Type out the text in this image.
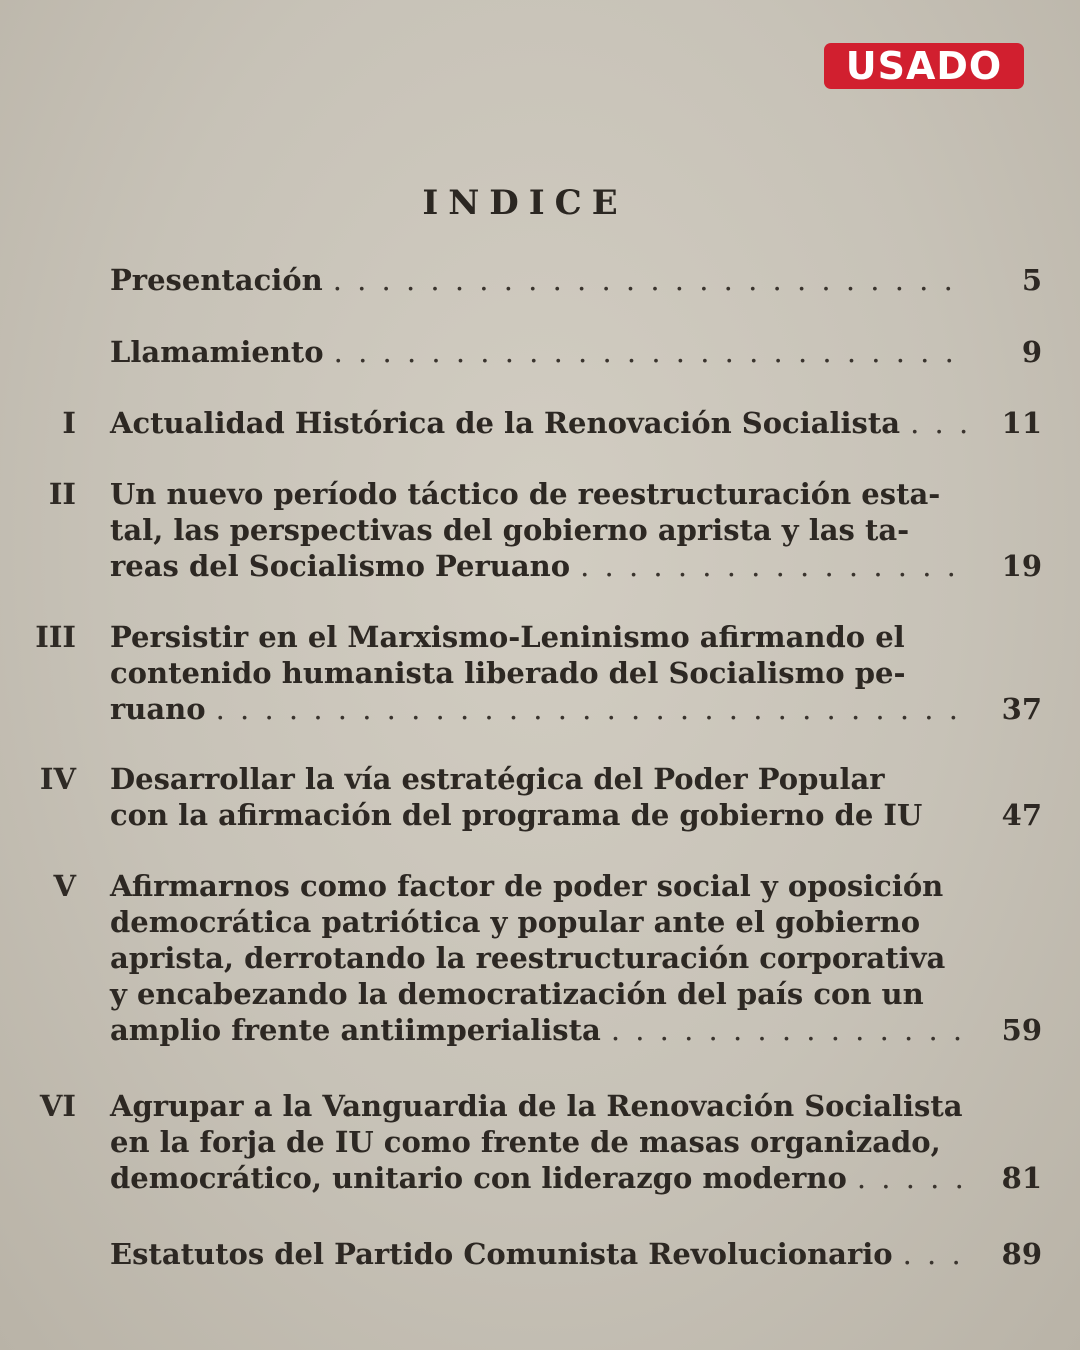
USADO
INDICE
Presentación . . .	5
Llamamiento . . .	9
I Actualidad Histórica de la Renovación Socialista . . .	11
II Un nuevo período táctico de reestructuración esta-
tal, las perspectivas del gobierno aprista y las ta-
reas del Socialismo Peruano . . .	19
III Persistir en el Marxismo-Leninismo afirmando el
contenido humanista liberado del Socialismo pe-
ruano . . .	37
IV Desarrollar la vía estratégica del Poder Popular
con la afirmación del programa de gobierno de IU	47
V Afirmarnos como factor de poder social y oposición
democrática patriótica y popular ante el gobierno
aprista, derrotando la reestructuración corporativa
y encabezando la democratización del país con un
amplio frente antiimperialista . . .	59
VI Agrupar a la Vanguardia de la Renovación Socialista
en la forja de IU como frente de masas organizado,
democrático, unitario con liderazgo moderno
. . .	81
Estatutos del Partido Comunista Revolucionario . . .	89
